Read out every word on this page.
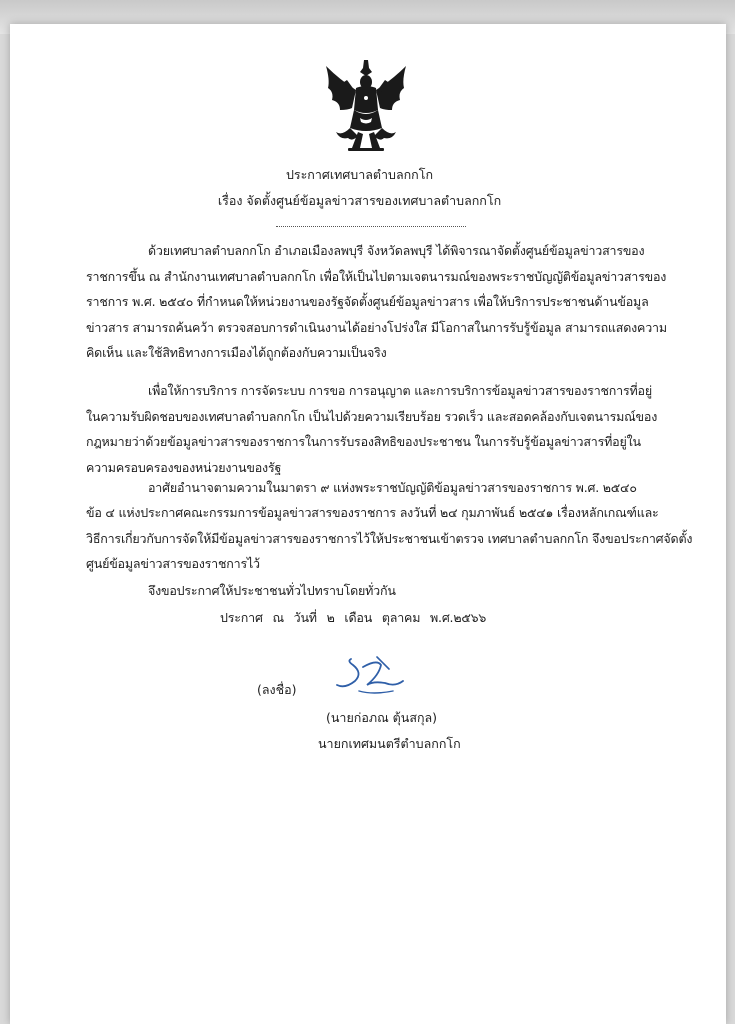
ประกาศเทศบาลตำบลกกโก
เรื่อง จัดตั้งศูนย์ข้อมูลข่าวสารของเทศบาลตำบลกกโก
ด้วยเทศบาลตำบลกกโก อำเภอเมืองลพบุรี จังหวัดลพบุรี ได้พิจารณาจัดตั้งศูนย์ข้อมูลข่าวสารของ
ราชการขึ้น ณ สำนักงานเทศบาลตำบลกกโก เพื่อให้เป็นไปตามเจตนารมณ์ของพระราชบัญญัติข้อมูลข่าวสารของ
ราชการ พ.ศ. ๒๕๔๐ ที่กำหนดให้หน่วยงานของรัฐจัดตั้งศูนย์ข้อมูลข่าวสาร เพื่อให้บริการประชาชนด้านข้อมูล
ข่าวสาร สามารถค้นคว้า ตรวจสอบการดำเนินงานได้อย่างโปร่งใส มีโอกาสในการรับรู้ข้อมูล สามารถแสดงความ
คิดเห็น และใช้สิทธิทางการเมืองได้ถูกต้องกับความเป็นจริง
เพื่อให้การบริการ การจัดระบบ การขอ การอนุญาต และการบริการข้อมูลข่าวสารของราชการที่อยู่
ในความรับผิดชอบของเทศบาลตำบลกกโก เป็นไปด้วยความเรียบร้อย รวดเร็ว และสอดคล้องกับเจตนารมณ์ของ
กฎหมายว่าด้วยข้อมูลข่าวสารของราชการในการรับรองสิทธิของประชาชน ในการรับรู้ข้อมูลข่าวสารที่อยู่ใน
ความครอบครองของหน่วยงานของรัฐ
อาศัยอำนาจตามความในมาตรา ๙ แห่งพระราชบัญญัติข้อมูลข่าวสารของราชการ พ.ศ. ๒๕๔๐
ข้อ ๔ แห่งประกาศคณะกรรมการข้อมูลข่าวสารของราชการ ลงวันที่ ๒๔ กุมภาพันธ์ ๒๕๔๑ เรื่องหลักเกณฑ์และ
วิธีการเกี่ยวกับการจัดให้มีข้อมูลข่าวสารของราชการไว้ให้ประชาชนเข้าตรวจ เทศบาลตำบลกกโก จึงขอประกาศจัดตั้ง
ศูนย์ข้อมูลข่าวสารของราชการไว้
จึงขอประกาศให้ประชาชนทั่วไปทราบโดยทั่วกัน
ประกาศ ณ วันที่ ๒ เดือน ตุลาคม พ.ศ.๒๕๖๖
(ลงชื่อ)
(นายก่อภณ ตุ้นสกุล)
นายกเทศมนตรีตำบลกกโก
